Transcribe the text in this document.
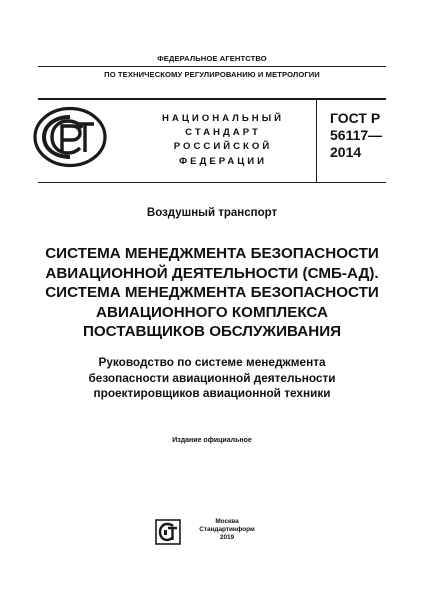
ФЕДЕРАЛЬНОЕ АГЕНТСТВО
ПО ТЕХНИЧЕСКОМУ РЕГУЛИРОВАНИЮ И МЕТРОЛОГИИ
НАЦИОНАЛЬНЫЙ
СТАНДАРТ
РОССИЙСКОЙ
ФЕДЕРАЦИИ
ГОСТ Р
56117—
2014
Воздушный транспорт
СИСТЕМА МЕНЕДЖМЕНТА БЕЗОПАСНОСТИ
АВИАЦИОННОЙ ДЕЯТЕЛЬНОСТИ (СМБ-АД).
СИСТЕМА МЕНЕДЖМЕНТА БЕЗОПАСНОСТИ
АВИАЦИОННОГО КОМПЛЕКСА
ПОСТАВЩИКОВ ОБСЛУЖИВАНИЯ
Руководство по системе менеджмента
безопасности авиационной деятельности
проектировщиков авиационной техники
Издание официальное
Москва
Стандартинформ
2019
